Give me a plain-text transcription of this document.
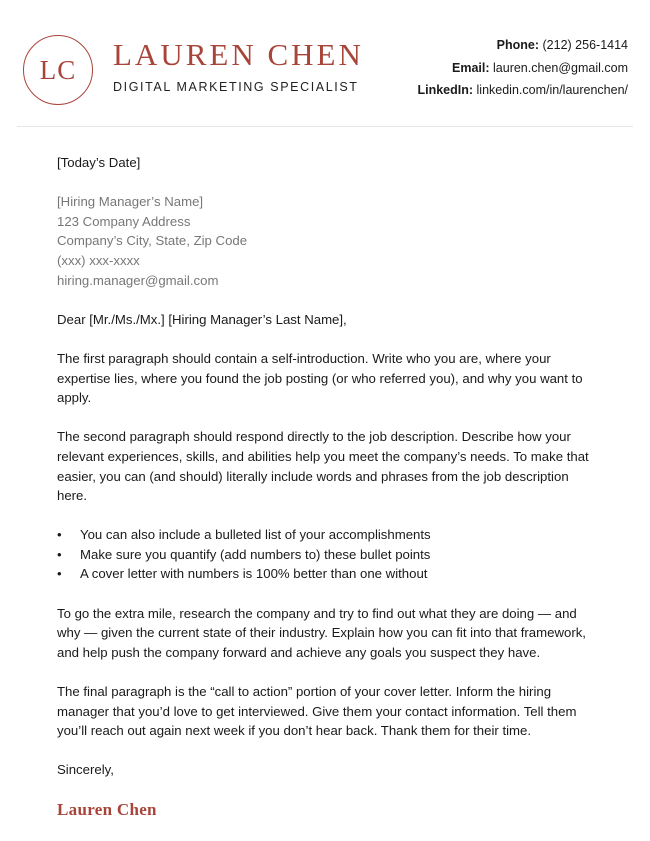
LC	LAUREN CHEN
DIGITAL MARKETING SPECIALIST
Phone: (212) 256-1414
Email: lauren.chen@gmail.com
LinkedIn: linkedin.com/in/laurenchen/
[Today’s Date]
[Hiring Manager’s Name]
123 Company Address
Company’s City, State, Zip Code
(xxx) xxx-xxxx
hiring.manager@gmail.com

Dear [Mr./Ms./Mx.] [Hiring Manager’s Last Name],

The first paragraph should contain a self-introduction. Write who you are, where your expertise lies, where you found the job posting (or who referred you), and why you want to apply.

The second paragraph should respond directly to the job description. Describe how your relevant experiences, skills, and abilities help you meet the company’s needs. To make that easier, you can (and should) literally include words and phrases from the job description here.

• You can also include a bulleted list of your accomplishments
• Make sure you quantify (add numbers to) these bullet points
• A cover letter with numbers is 100% better than one without

To go the extra mile, research the company and try to find out what they are doing — and why — given the current state of their industry. Explain how you can fit into that framework, and help push the company forward and achieve any goals you suspect they have.

The final paragraph is the “call to action” portion of your cover letter. Inform the hiring manager that you’d love to get interviewed. Give them your contact information. Tell them you’ll reach out again next week if you don’t hear back. Thank them for their time.

Sincerely,
Lauren Chen
